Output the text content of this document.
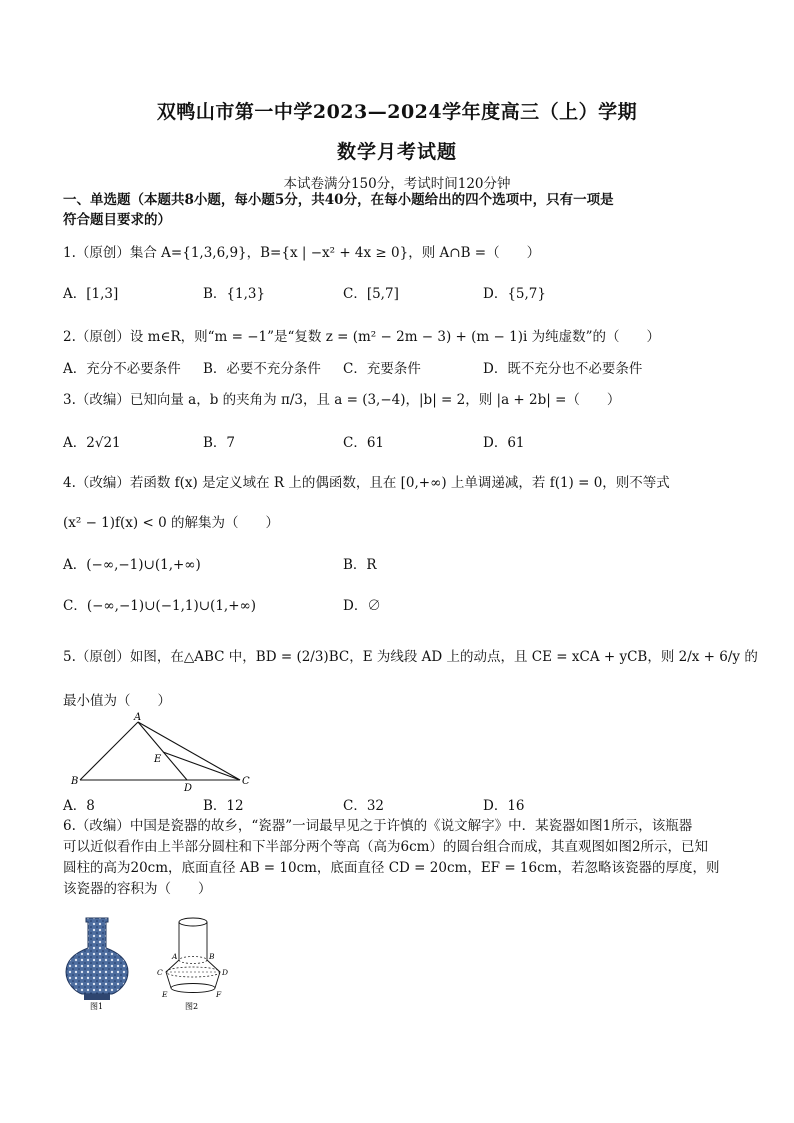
双鸭山市第一中学2023—2024学年度高三（上）学期
数学月考试题
本试卷满分150分，考试时间120分钟
一、单选题（本题共8小题，每小题5分，共40分，在每小题给出的四个选项中，只有一项是
符合题目要求的）
1.（原创）集合 A={1,3,6,9}，B={x | −x² + 4x ≥ 0}，则 A∩B =（　　）
A．[1,3]	B．{1,3}	C．[5,7]	D．{5,7}
2.（原创）设 m∈R，则“m = −1”是“复数 z = (m² − 2m − 3) + (m − 1)i 为纯虚数”的（　　）
A．充分不必要条件 B．必要不充分条件 C．充要条件	D．既不充分也不必要条件
3.（改编）已知向量 a，b 的夹角为 π/3，且 a = (3,−4)，|b| = 2，则 |a + 2b| =（　　）
A．2√21	B．7	C．61	D．61
4.（改编）若函数 f(x) 是定义域在 R 上的偶函数，且在 [0,+∞) 上单调递减，若 f(1) = 0，则不等式
(x² − 1)f(x) < 0 的解集为（　　）
A．(−∞,−1)∪(1,+∞)	B．R
C．(−∞,−1)∪(−1,1)∪(1,+∞)	D．∅
5.（原创）如图，在△ABC 中，BD = (2/3)BC，E 为线段 AD 上的动点，且 CE = xCA + yCB，则 2/x + 6/y 的
最小值为（　　）
A
B	C
D
E
A．8	B．12	C．32	D．16
6.（改编）中国是瓷器的故乡，“瓷器”一词最早见之于许慎的《说文解字》中．某瓷器如图1所示，该瓶器
可以近似看作由上半部分圆柱和下半部分两个等高（高为6cm）的圆台组合而成，其直观图如图2所示，已知
圆柱的高为20cm，底面直径 AB = 10cm，底面直径 CD = 20cm，EF = 16cm，若忽略该瓷器的厚度，则
该瓷器的容积为（　　）
图1
A	B
C	D
E	F
图2
